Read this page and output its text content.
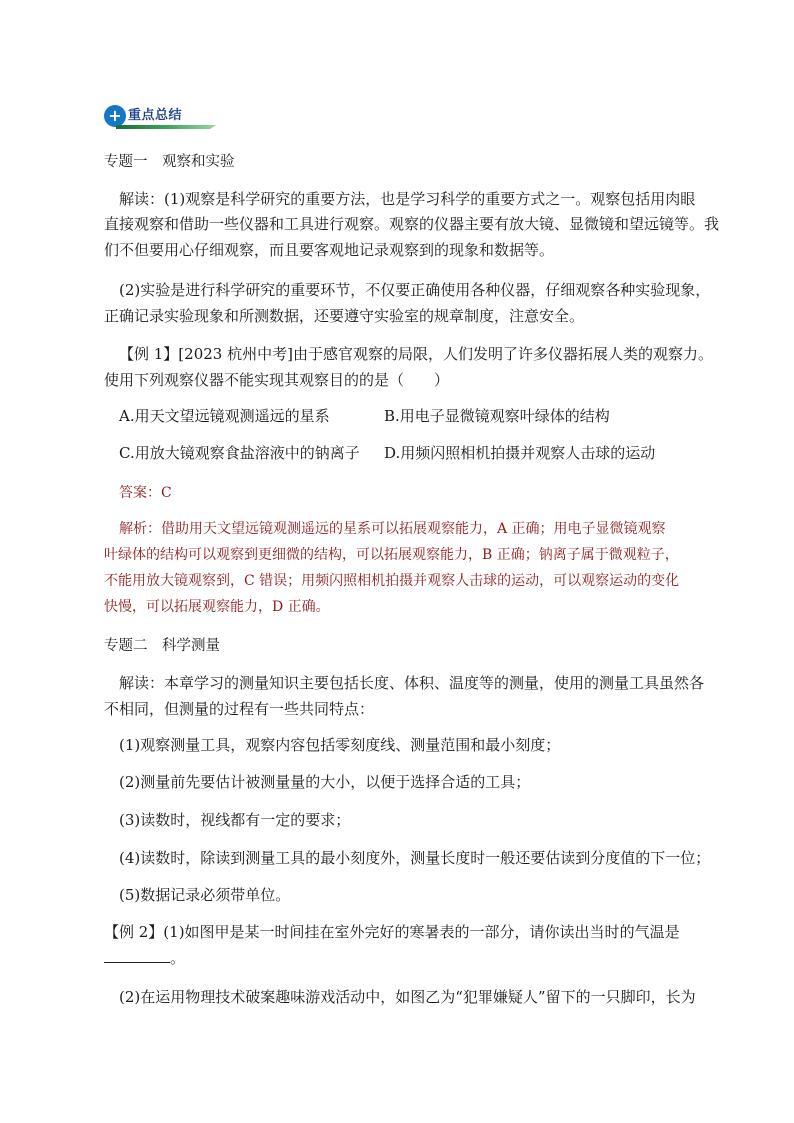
+ 重点总结
专题一　观察和实验
解读：(1)观察是科学研究的重要方法，也是学习科学的重要方式之一。观察包括用肉眼
直接观察和借助一些仪器和工具进行观察。观察的仪器主要有放大镜、显微镜和望远镜等。我
们不但要用心仔细观察，而且要客观地记录观察到的现象和数据等。
(2)实验是进行科学研究的重要环节，不仅要正确使用各种仪器，仔细观察各种实验现象，
正确记录实验现象和所测数据，还要遵守实验室的规章制度，注意安全。
【例 1】[2023 杭州中考]由于感官观察的局限，人们发明了许多仪器拓展人类的观察力。
使用下列观察仪器不能实现其观察目的的是（　　）
A.用天文望远镜观测遥远的星系	B.用电子显微镜观察叶绿体的结构
C.用放大镜观察食盐溶液中的钠离子 D.用频闪照相机拍摄并观察人击球的运动
答案：C
解析：借助用天文望远镜观测遥远的星系可以拓展观察能力，A 正确；用电子显微镜观察
叶绿体的结构可以观察到更细微的结构，可以拓展观察能力，B 正确；钠离子属于微观粒子，
不能用放大镜观察到，C 错误；用频闪照相机拍摄并观察人击球的运动，可以观察运动的变化
快慢，可以拓展观察能力，D 正确。
专题二　科学测量
解读：本章学习的测量知识主要包括长度、体积、温度等的测量，使用的测量工具虽然各
不相同，但测量的过程有一些共同特点：
(1)观察测量工具，观察内容包括零刻度线、测量范围和最小刻度；
(2)测量前先要估计被测量量的大小，以便于选择合适的工具；
(3)读数时，视线都有一定的要求；
(4)读数时，除读到测量工具的最小刻度外，测量长度时一般还要估读到分度值的下一位；
(5)数据记录必须带单位。
【例 2】(1)如图甲是某一时间挂在室外完好的寒暑表的一部分，请你读出当时的气温是
。
(2)在运用物理技术破案趣味游戏活动中，如图乙为“犯罪嫌疑人”留下的一只脚印，长为
